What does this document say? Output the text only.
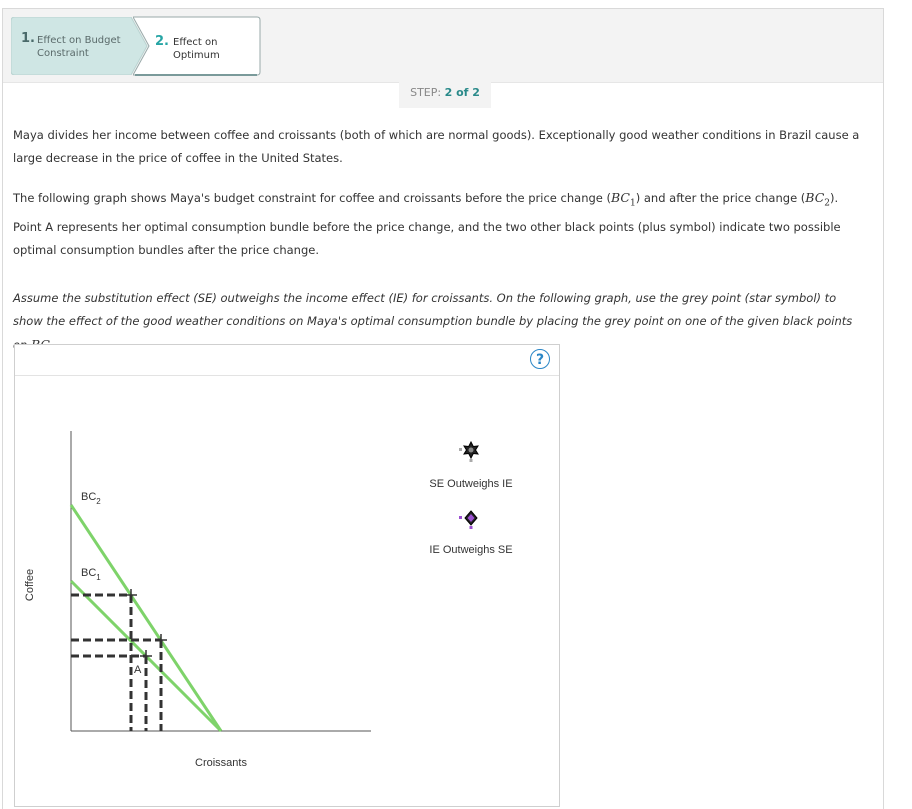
1. Effect on Budget
Constraint
2. Effect on
Optimum
STEP: 2 of 2
Maya divides her income between coffee and croissants (both of which are normal goods). Exceptionally good weather conditions in Brazil cause a large decrease in the price of coffee in the United States.
The following graph shows Maya's budget constraint for coffee and croissants before the price change $(BC_1)$ and after the price change $(BC_2)$. Point A represents her optimal consumption bundle before the price change, and the two other black points (plus symbol) indicate two possible optimal consumption bundles after the price change.
Assume the substitution effect (SE) outweighs the income effect (IE) for croissants. On the following graph, use the grey point (star symbol) to show the effect of the good weather conditions on Maya's optimal consumption bundle by placing the grey point on one of the given black points
?
Coffee
Croissants
$BC_2$
$BC_1$
A
SE Outweighs IE
IE Outweighs SE
